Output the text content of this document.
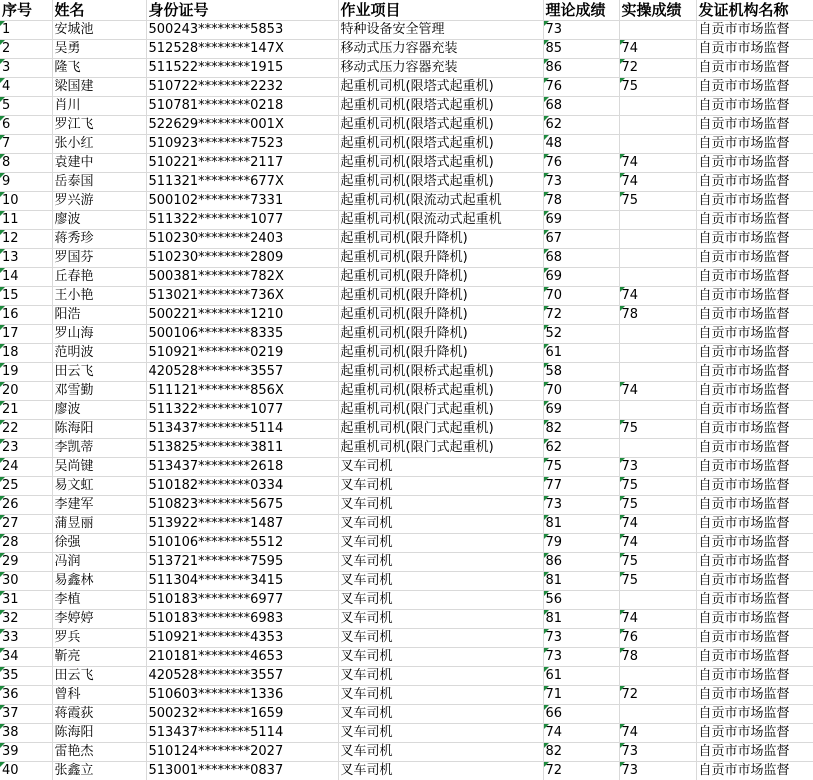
序号	姓名	身份证号	作业项目	理论成绩	实操成绩	发证机构名称
1	安城池	500243********5853	特种设备安全管理	73		自贡市市场监督
2	吴勇	512528********147X	移动式压力容器充装	85	74	自贡市市场监督
3	隆飞	511522********1915	移动式压力容器充装	86	72	自贡市市场监督
4	梁国建	510722********2232	起重机司机(限塔式起重机)	76	75	自贡市市场监督
5	肖川	510781********0218	起重机司机(限塔式起重机)	68		自贡市市场监督
6	罗江飞	522629********001X	起重机司机(限塔式起重机)	62		自贡市市场监督
7	张小红	510923********7523	起重机司机(限塔式起重机)	48		自贡市市场监督
8	袁建中	510221********2117	起重机司机(限塔式起重机)	76	74	自贡市市场监督
9	岳泰国	511321********677X	起重机司机(限塔式起重机)	73	74	自贡市市场监督
10	罗兴游	500102********7331	起重机司机(限流动式起重机	78	75	自贡市市场监督
11	廖波	511322********1077	起重机司机(限流动式起重机	69		自贡市市场监督
12	蒋秀珍	510230********2403	起重机司机(限升降机)	67		自贡市市场监督
13	罗国芬	510230********2809	起重机司机(限升降机)	68		自贡市市场监督
14	丘春艳	500381********782X	起重机司机(限升降机)	69		自贡市市场监督
15	王小艳	513021********736X	起重机司机(限升降机)	70	74	自贡市市场监督
16	阳浩	500221********1210	起重机司机(限升降机)	72	78	自贡市市场监督
17	罗山海	500106********8335	起重机司机(限升降机)	52		自贡市市场监督
18	范明波	510921********0219	起重机司机(限升降机)	61		自贡市市场监督
19	田云飞	420528********3557	起重机司机(限桥式起重机)	58		自贡市市场监督
20	邓雪勤	511121********856X	起重机司机(限桥式起重机)	70	74	自贡市市场监督
21	廖波	511322********1077	起重机司机(限门式起重机)	69		自贡市市场监督
22	陈海阳	513437********5114	起重机司机(限门式起重机)	82	75	自贡市市场监督
23	李凯蒂	513825********3811	起重机司机(限门式起重机)	62		自贡市市场监督
24	吴尚键	513437********2618	叉车司机	75	73	自贡市市场监督
25	易文虹	510182********0334	叉车司机	77	75	自贡市市场监督
26	李建军	510823********5675	叉车司机	73	75	自贡市市场监督
27	蒲昱丽	513922********1487	叉车司机	81	74	自贡市市场监督
28	徐强	510106********5512	叉车司机	79	74	自贡市市场监督
29	冯润	513721********7595	叉车司机	86	75	自贡市市场监督
30	易鑫林	511304********3415	叉车司机	81	75	自贡市市场监督
31	李植	510183********6977	叉车司机	56		自贡市市场监督
32	李婷婷	510183********6983	叉车司机	81	74	自贡市市场监督
33	罗兵	510921********4353	叉车司机	73	76	自贡市市场监督
34	靳亮	210181********4653	叉车司机	73	78	自贡市市场监督
35	田云飞	420528********3557	叉车司机	61		自贡市市场监督
36	曾科	510603********1336	叉车司机	71	72	自贡市市场监督
37	蒋霞荻	500232********1659	叉车司机	66		自贡市市场监督
38	陈海阳	513437********5114	叉车司机	74	74	自贡市市场监督
39	雷艳杰	510124********2027	叉车司机	82	73	自贡市市场监督
40	张鑫立	513001********0837	叉车司机	72	73	自贡市市场监督
